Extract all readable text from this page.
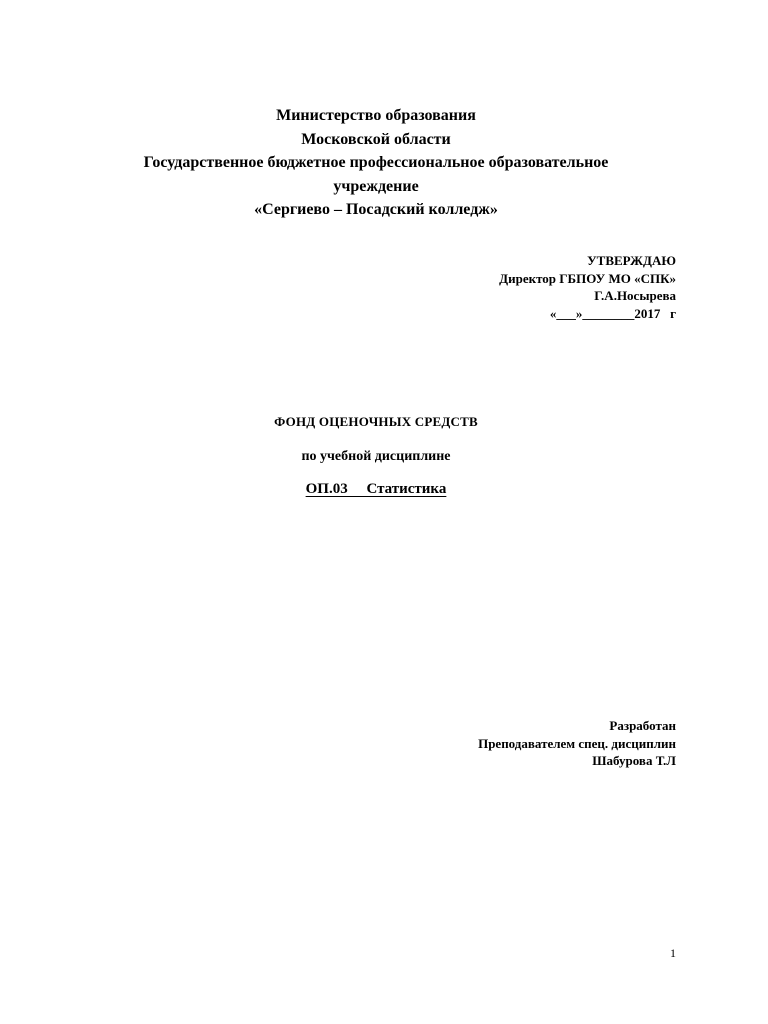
Министерство образования
Московской области
Государственное бюджетное профессиональное образовательное
учреждение
«Сергиево – Посадский колледж»
УТВЕРЖДАЮ
Директор ГБПОУ МО «СПК»
Г.А.Носырева
«___»________2017   г
ФОНД ОЦЕНОЧНЫХ СРЕДСТВ
по учебной дисциплине
ОП.03     Статистика
Разработан
Преподавателем спец. дисциплин
Шабурова Т.Л
1
